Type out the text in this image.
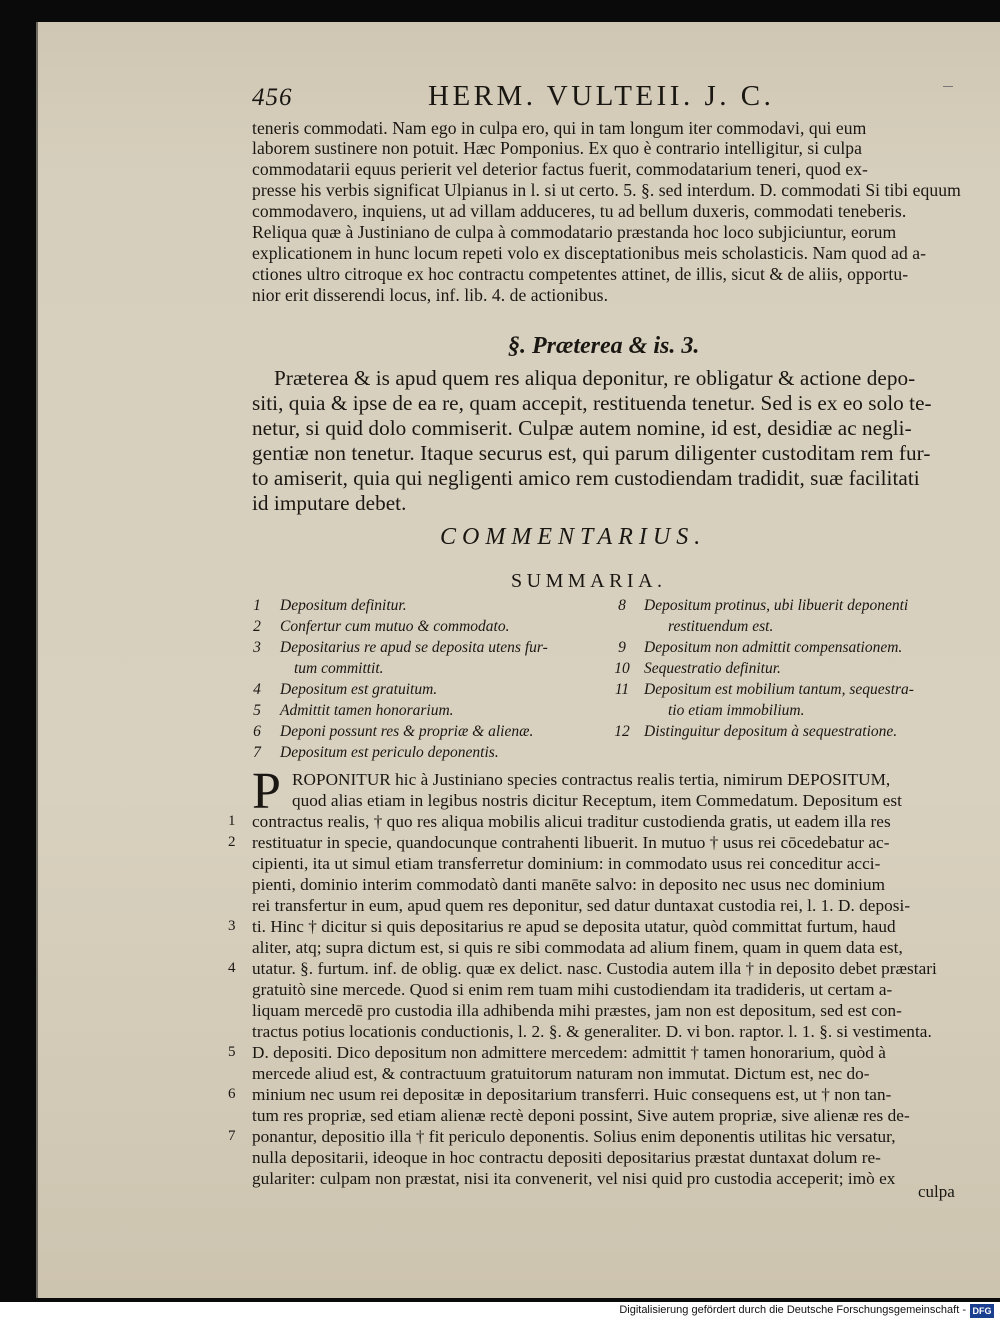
456	HERM. VULTEII. J. C.
teneris commodati. Nam ego in culpa ero, qui in tam longum iter commodavi, qui eum
laborem sustinere non potuit. Hæc Pomponius. Ex quo è contrario intelligitur, si culpa
commodatarii equus perierit vel deterior factus fuerit, commodatarium teneri, quod ex-
presse his verbis significat Ulpianus in l. si ut certo. 5. §. sed interdum. D. commodati Si tibi equum
commodavero, inquiens, ut ad villam adduceres, tu ad bellum duxeris, commodati teneberis.
Reliqua quæ à Justiniano de culpa à commodatario præstanda hoc loco subjiciuntur, eorum
explicationem in hunc locum repeti volo ex disceptationibus meis scholasticis. Nam quod ad a-
ctiones ultro citroque ex hoc contractu competentes attinet, de illis, sicut & de aliis, opportu-
nior erit disserendi locus, inf. lib. 4. de actionibus.
§. Præterea & is. 3.
Præterea & is apud quem res aliqua deponitur, re obligatur & actione depo-
siti, quia & ipse de ea re, quam accepit, restituenda tenetur. Sed is ex eo solo te-
netur, si quid dolo commiserit. Culpæ autem nomine, id est, desidiæ ac negli-
gentiæ non tenetur. Itaque securus est, qui parum diligenter custoditam rem fur-
to amiserit, quia qui negligenti amico rem custodiendam tradidit, suæ facilitati
id imputare debet.
COMMENTARIUS.
SUMMARIA.
1	Depositum definitur.
2	Confertur cum mutuo & commodato.
3	Depositarius re apud se deposita utens fur-
tum committit.
4	Depositum est gratuitum.
5	Admittit tamen honorarium.
6	Deponi possunt res & propriæ & alienæ.
7	Depositum est periculo deponentis.
8	Depositum protinus, ubi libuerit deponenti
restituendum est.
9	Depositum non admittit compensationem.
10 Sequestratio definitur.
11 Depositum est mobilium tantum, sequestra-
tio etiam immobilium.
12 Distinguitur depositum à sequestratione.
P ROPONITUR hic à Justiniano species contractus realis tertia, nimirum DEPOSITUM,
quod alias etiam in legibus nostris dicitur Receptum, item Commedatum. Depositum est
contractus realis, † quo res aliqua mobilis alicui traditur custodienda gratis, ut eadem illa res
restituatur in specie, quandocunque contrahenti libuerit. In mutuo † usus rei cōcedebatur ac-
cipienti, ita ut simul etiam transferretur dominium: in commodato usus rei conceditur acci-
pienti, dominio interim commodatò danti manēte salvo: in deposito nec usus nec dominium
rei transfertur in eum, apud quem res deponitur, sed datur duntaxat custodia rei, l. 1. D. deposi-
ti. Hinc † dicitur si quis depositarius re apud se deposita utatur, quòd committat furtum, haud
aliter, atq; supra dictum est, si quis re sibi commodata ad alium finem, quam in quem data est,
utatur. §. furtum. inf. de oblig. quæ ex delict. nasc. Custodia autem illa † in deposito debet præstari
gratuitò sine mercede. Quod si enim rem tuam mihi custodiendam ita tradideris, ut certam a-
liquam mercedē pro custodia illa adhibenda mihi præstes, jam non est depositum, sed est con-
tractus potius locationis conductionis, l. 2. §. & generaliter. D. vi bon. raptor. l. 1. §. si vestimenta.
D. depositi. Dico depositum non admittere mercedem: admittit † tamen honorarium, quòd à
mercede aliud est, & contractuum gratuitorum naturam non immutat. Dictum est, nec do-
minium nec usum rei depositæ in depositarium transferri. Huic consequens est, ut † non tan-
tum res propriæ, sed etiam alienæ rectè deponi possint, Sive autem propriæ, sive alienæ res de-
ponantur, depositio illa † fit periculo deponentis. Solius enim deponentis utilitas hic versatur,
nulla depositarii, ideoque in hoc contractu depositi depositarius præstat duntaxat dolum re-
gulariter: culpam non præstat, nisi ita convenerit, vel nisi quid pro custodia acceperit; imò ex
1
2
3
4
5
6
7
culpa
Digitalisierung gefördert durch die Deutsche Forschungsgemeinschaft - DFG
